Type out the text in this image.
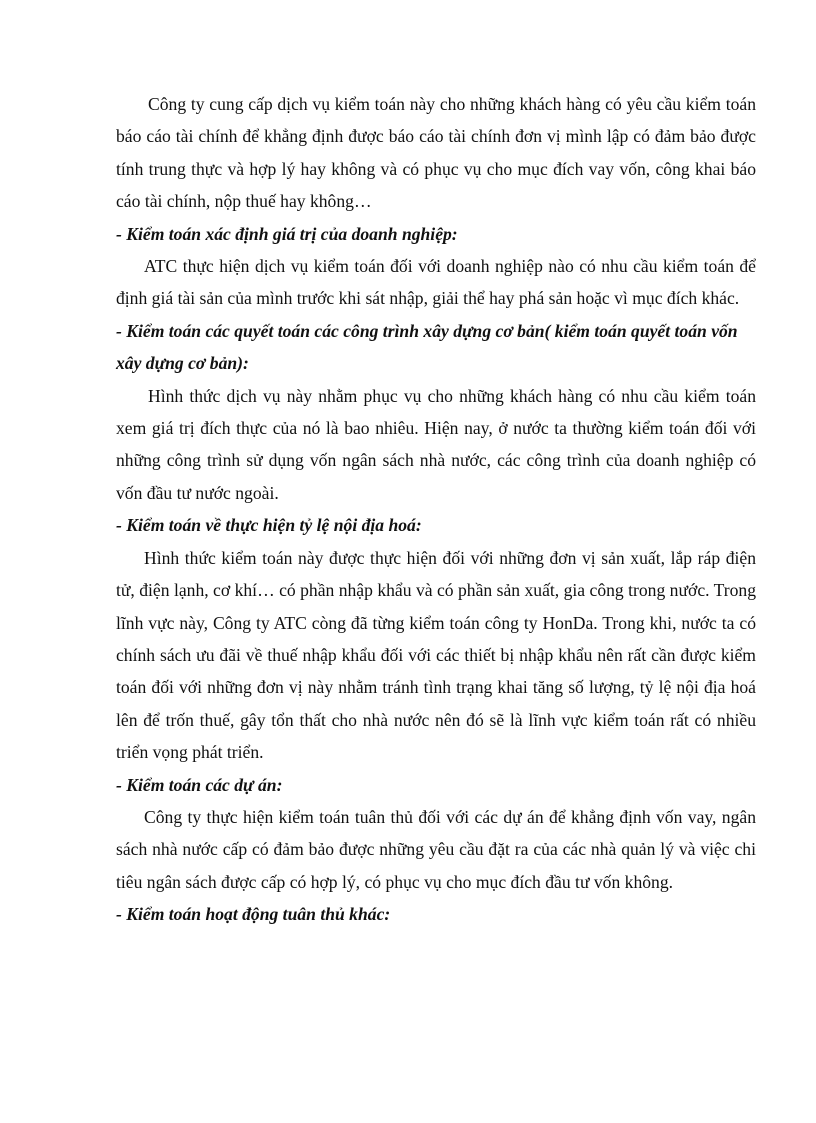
Công ty cung cấp dịch vụ kiểm toán này cho những khách hàng có yêu cầu kiểm toán báo cáo tài chính để khẳng định được báo cáo tài chính đơn vị mình lập có đảm bảo được tính trung thực và hợp lý hay không và có phục vụ cho mục đích vay vốn, công khai báo cáo tài chính, nộp thuế hay không…

- Kiểm toán xác định giá trị của doanh nghiệp:

ATC thực hiện dịch vụ kiểm toán đối với doanh nghiệp nào có nhu cầu kiểm toán để định giá tài sản của mình trước khi sát nhập, giải thể hay phá sản hoặc vì mục đích khác.

- Kiểm toán các quyết toán các công trình xây dựng cơ bản( kiểm toán quyết toán vốn xây dựng cơ bản):

Hình thức dịch vụ này nhằm phục vụ cho những khách hàng có nhu cầu kiểm toán xem giá trị đích thực của nó là bao nhiêu. Hiện nay, ở nước ta thường kiểm toán đối với những công trình sử dụng vốn ngân sách nhà nước, các công trình của doanh nghiệp có vốn đầu tư nước ngoài.

- Kiểm toán về thực hiện tỷ lệ nội địa hoá:

Hình thức kiểm toán này được thực hiện đối với những đơn vị sản xuất, lắp ráp điện tử, điện lạnh, cơ khí… có phần nhập khẩu và có phần sản xuất, gia công trong nước. Trong lĩnh vực này, Công ty ATC còng đã từng kiểm toán công ty HonDa. Trong khi, nước ta có chính sách ưu đãi về thuế nhập khẩu đối với các thiết bị nhập khẩu nên rất cần được kiểm toán đối với những đơn vị này nhằm tránh tình trạng khai tăng số lượng, tỷ lệ nội địa hoá lên để trốn thuế, gây tổn thất cho nhà nước nên đó sẽ là lĩnh vực kiểm toán rất có nhiều triển vọng phát triển.

- Kiểm toán các dự án:

Công ty thực hiện kiểm toán tuân thủ đối với các dự án để khẳng định vốn vay, ngân sách nhà nước cấp có đảm bảo được những yêu cầu đặt ra của các nhà quản lý và việc chi tiêu ngân sách được cấp có hợp lý, có phục vụ cho mục đích đầu tư vốn không.

- Kiểm toán hoạt động tuân thủ khác:
